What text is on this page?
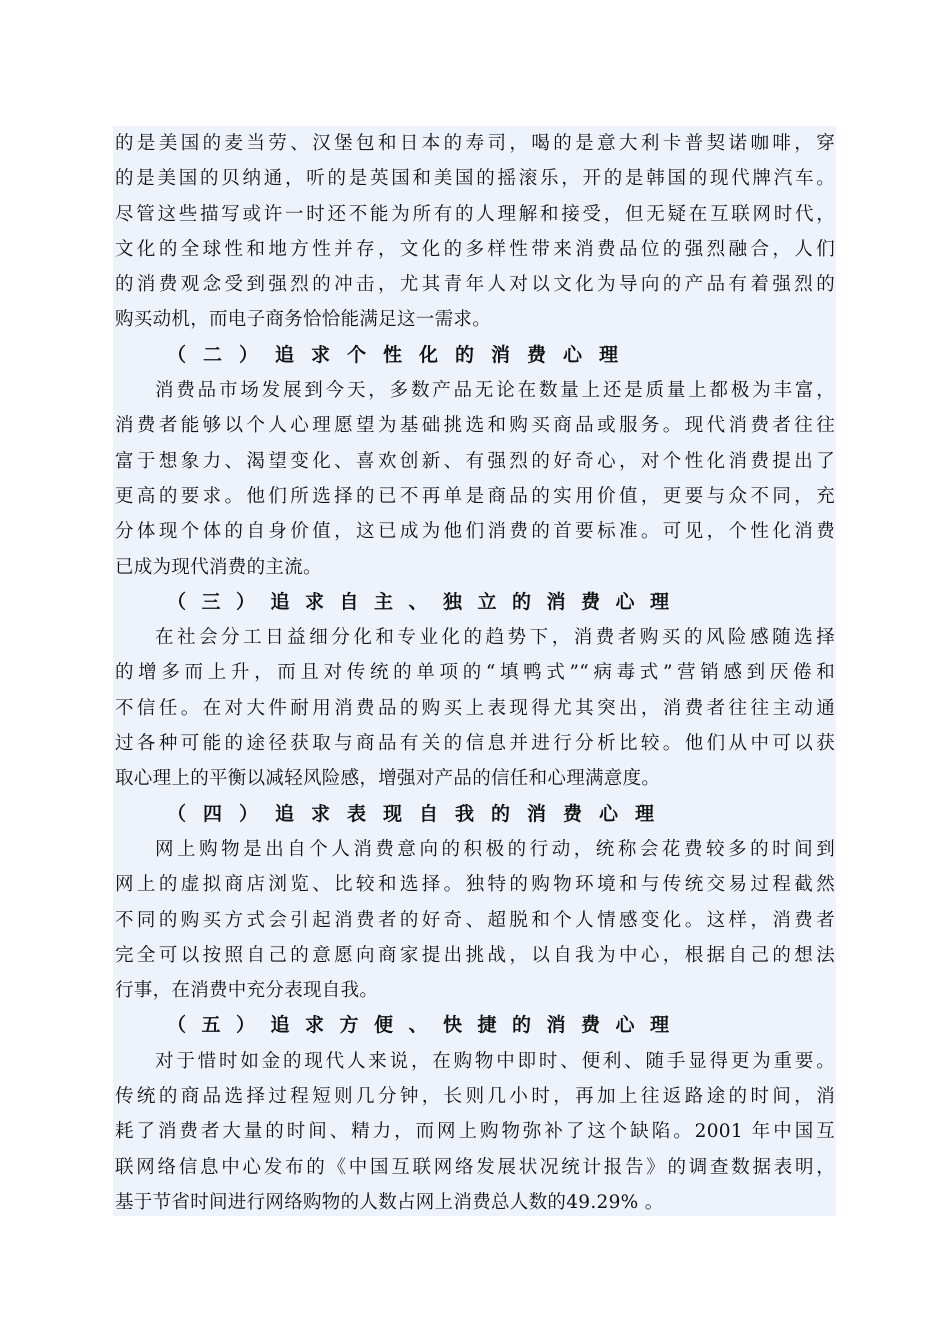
的是美国的麦当劳、汉堡包和日本的寿司，喝的是意大利卡普契诺咖啡，穿
的是美国的贝纳通，听的是英国和美国的摇滚乐，开的是韩国的现代牌汽车。
尽管这些描写或许一时还不能为所有的人理解和接受，但无疑在互联网时代，
文化的全球性和地方性并存，文化的多样性带来消费品位的强烈融合，人们
的消费观念受到强烈的冲击，尤其青年人对以文化为导向的产品有着强烈的
购买动机，而电子商务恰恰能满足这一需求。
（二）追求个性化的消费心理
消费品市场发展到今天，多数产品无论在数量上还是质量上都极为丰富，
消费者能够以个人心理愿望为基础挑选和购买商品或服务。现代消费者往往
富于想象力、渴望变化、喜欢创新、有强烈的好奇心，对个性化消费提出了
更高的要求。他们所选择的已不再单是商品的实用价值，更要与众不同，充
分体现个体的自身价值，这已成为他们消费的首要标准。可见，个性化消费
已成为现代消费的主流。
（三）追求自主、独立的消费心理
在社会分工日益细分化和专业化的趋势下，消费者购买的风险感随选择
的增多而上升，而且对传统的单项的“填鸭式”“病毒式”营销感到厌倦和
不信任。在对大件耐用消费品的购买上表现得尤其突出，消费者往往主动通
过各种可能的途径获取与商品有关的信息并进行分析比较。他们从中可以获
取心理上的平衡以减轻风险感，增强对产品的信任和心理满意度。
（四）追求表现自我的消费心理
网上购物是出自个人消费意向的积极的行动，统称会花费较多的时间到
网上的虚拟商店浏览、比较和选择。独特的购物环境和与传统交易过程截然
不同的购买方式会引起消费者的好奇、超脱和个人情感变化。这样，消费者
完全可以按照自己的意愿向商家提出挑战，以自我为中心，根据自己的想法
行事，在消费中充分表现自我。
（五）追求方便、快捷的消费心理
对于惜时如金的现代人来说，在购物中即时、便利、随手显得更为重要。
传统的商品选择过程短则几分钟，长则几小时，再加上往返路途的时间，消
耗了消费者大量的时间、精力，而网上购物弥补了这个缺陷。2001 年中国互
联网络信息中心发布的《中国互联网络发展状况统计报告》的调查数据表明，
基于节省时间进行网络购物的人数占网上消费总人数的49.29% 。
